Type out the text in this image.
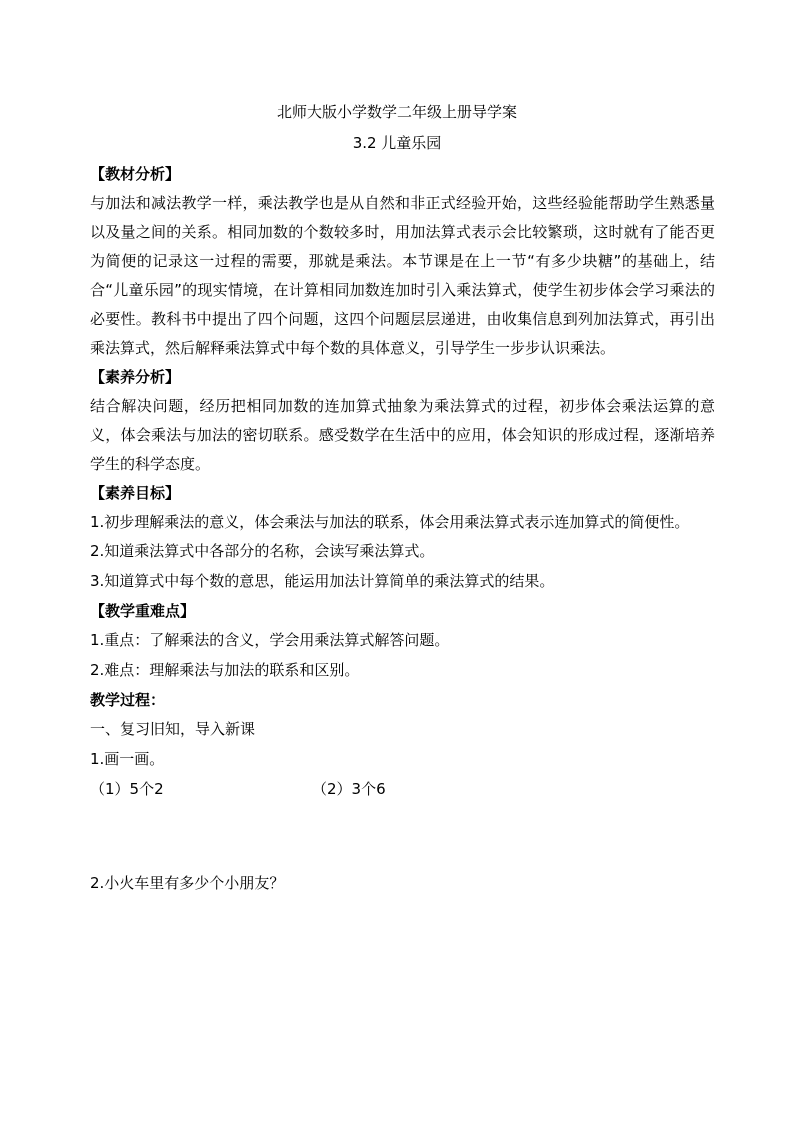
北师大版小学数学二年级上册导学案
3.2 儿童乐园
【教材分析】

与加法和减法教学一样，乘法教学也是从自然和非正式经验开始，这些经验能帮助学生熟悉量以及量之间的关系。相同加数的个数较多时，用加法算式表示会比较繁琐，这时就有了能否更为简便的记录这一过程的需要，那就是乘法。本节课是在上一节“有多少块糖”的基础上，结合“儿童乐园”的现实情境，在计算相同加数连加时引入乘法算式，使学生初步体会学习乘法的必要性。教科书中提出了四个问题，这四个问题层层递进，由收集信息到列加法算式，再引出乘法算式，然后解释乘法算式中每个数的具体意义，引导学生一步步认识乘法。

【素养分析】

结合解决问题，经历把相同加数的连加算式抽象为乘法算式的过程，初步体会乘法运算的意义，体会乘法与加法的密切联系。感受数学在生活中的应用，体会知识的形成过程，逐渐培养学生的科学态度。

【素养目标】

1.初步理解乘法的意义，体会乘法与加法的联系，体会用乘法算式表示连加算式的简便性。

2.知道乘法算式中各部分的名称，会读写乘法算式。
3.知道算式中每个数的意思，能运用加法计算简单的乘法算式的结果。
【教学重难点】
1.重点：了解乘法的含义，学会用乘法算式解答问题。
2.难点：理解乘法与加法的联系和区别。
教学过程：
一、复习旧知，导入新课
1.画一画。
（1）5个2	（2）3个6
2.小火车里有多少个小朋友？
